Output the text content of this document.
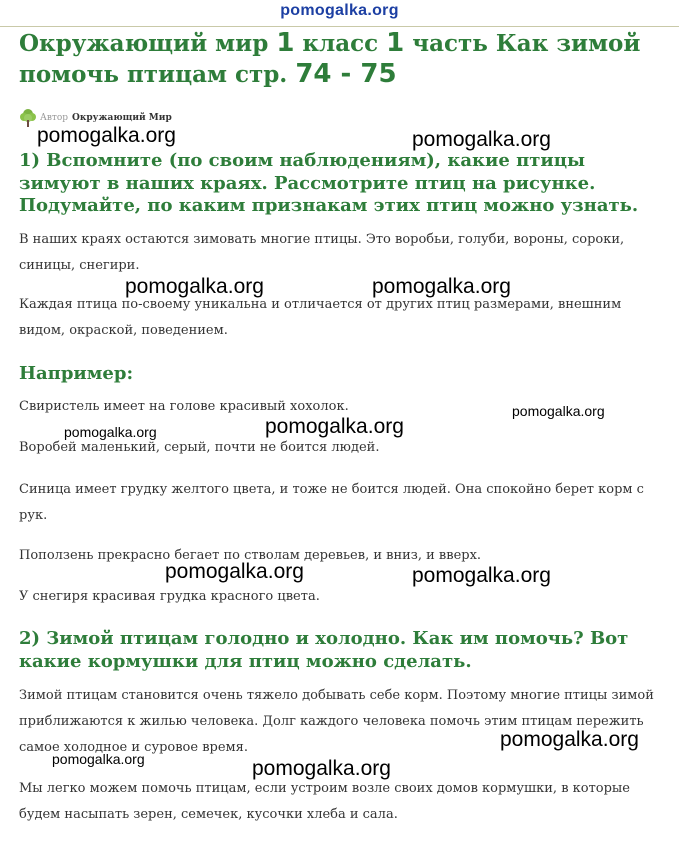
pomogalka.org
Окружающий мир 1 класс 1 часть Как зимой помочь птицам стр. 74 - 75
Автор Окружающий Мир
1) Вспомните (по своим наблюдениям), какие птицы зимуют в наших краях. Рассмотрите птиц на рисунке. Подумайте, по каким признакам этих птиц можно узнать.

В наших краях остаются зимовать многие птицы. Это воробьи, голуби, вороны, сороки, синицы, снегири.

Каждая птица по-своему уникальна и отличается от других птиц размерами, внешним видом, окраской, поведением.

Например:

Свиристель имеет на голове красивый хохолок.

Воробей маленький, серый, почти не боится людей.

Синица имеет грудку желтого цвета, и тоже не боится людей. Она спокойно берет корм с рук.

Поползень прекрасно бегает по стволам деревьев, и вниз, и вверх.

У снегиря красивая грудка красного цвета.

2) Зимой птицам голодно и холодно. Как им помочь? Вот какие кормушки для птиц можно сделать.

Зимой птицам становится очень тяжело добывать себе корм. Поэтому многие птицы зимой приближаются к жилью человека. Долг каждого человека помочь этим птицам пережить самое холодное и суровое время.

Мы легко можем помочь птицам, если устроим возле своих домов кормушки, в которые будем насыпать зерен, семечек, кусочки хлеба и сала.

pomogalka.org	pomogalka.org
pomogalka.org	pomogalka.org
pomogalka.org
pomogalka.org	pomogalka.org
pomogalka.org	pomogalka.org
pomogalka.org
pomogalka.org	pomogalka.org
